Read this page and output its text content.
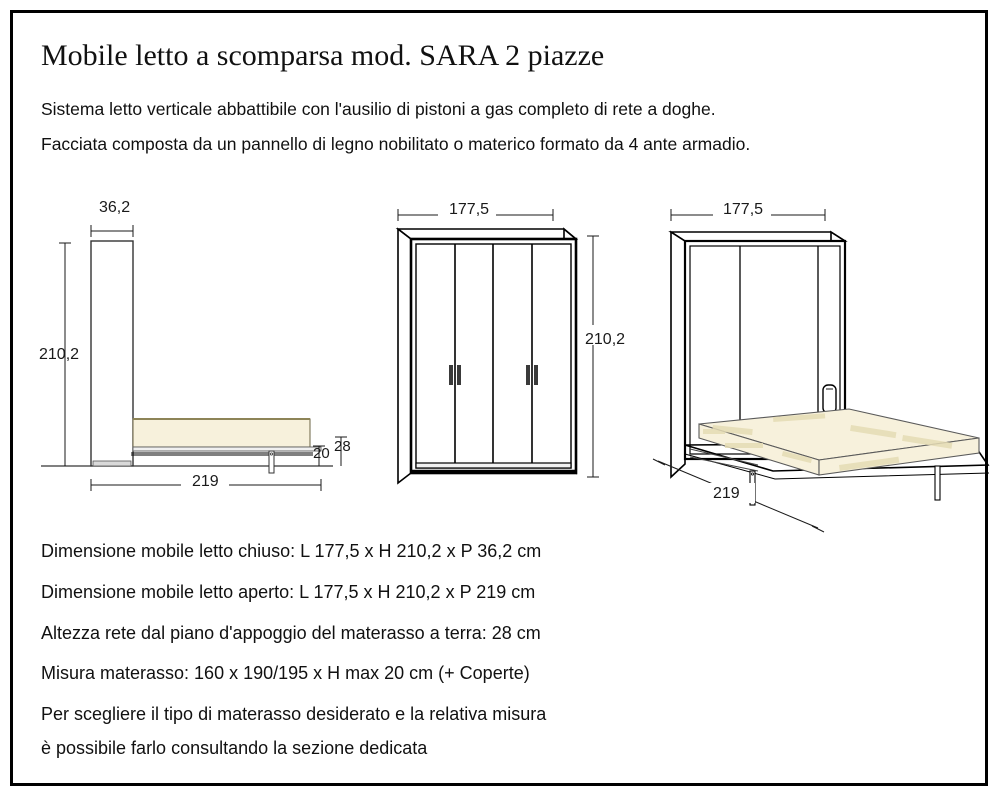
Mobile letto a scomparsa mod. SARA 2 piazze
Sistema letto verticale abbattibile con l'ausilio di pistoni a gas completo di rete a doghe.
Facciata composta da un pannello di legno nobilitato o materico formato da 4 ante armadio.
36,2
210,2
219
20 28
177,5
210,2
177,5
219
Dimensione mobile letto chiuso: L 177,5 x H 210,2 x P 36,2 cm
Dimensione mobile letto aperto: L 177,5 x H 210,2 x P 219 cm
Altezza rete dal piano d'appoggio del materasso a terra: 28 cm
Misura materasso: 160 x 190/195 x H max 20 cm (+ Coperte)
Per scegliere il tipo di materasso desiderato e la relativa misura
è possibile farlo consultando la sezione dedicata
